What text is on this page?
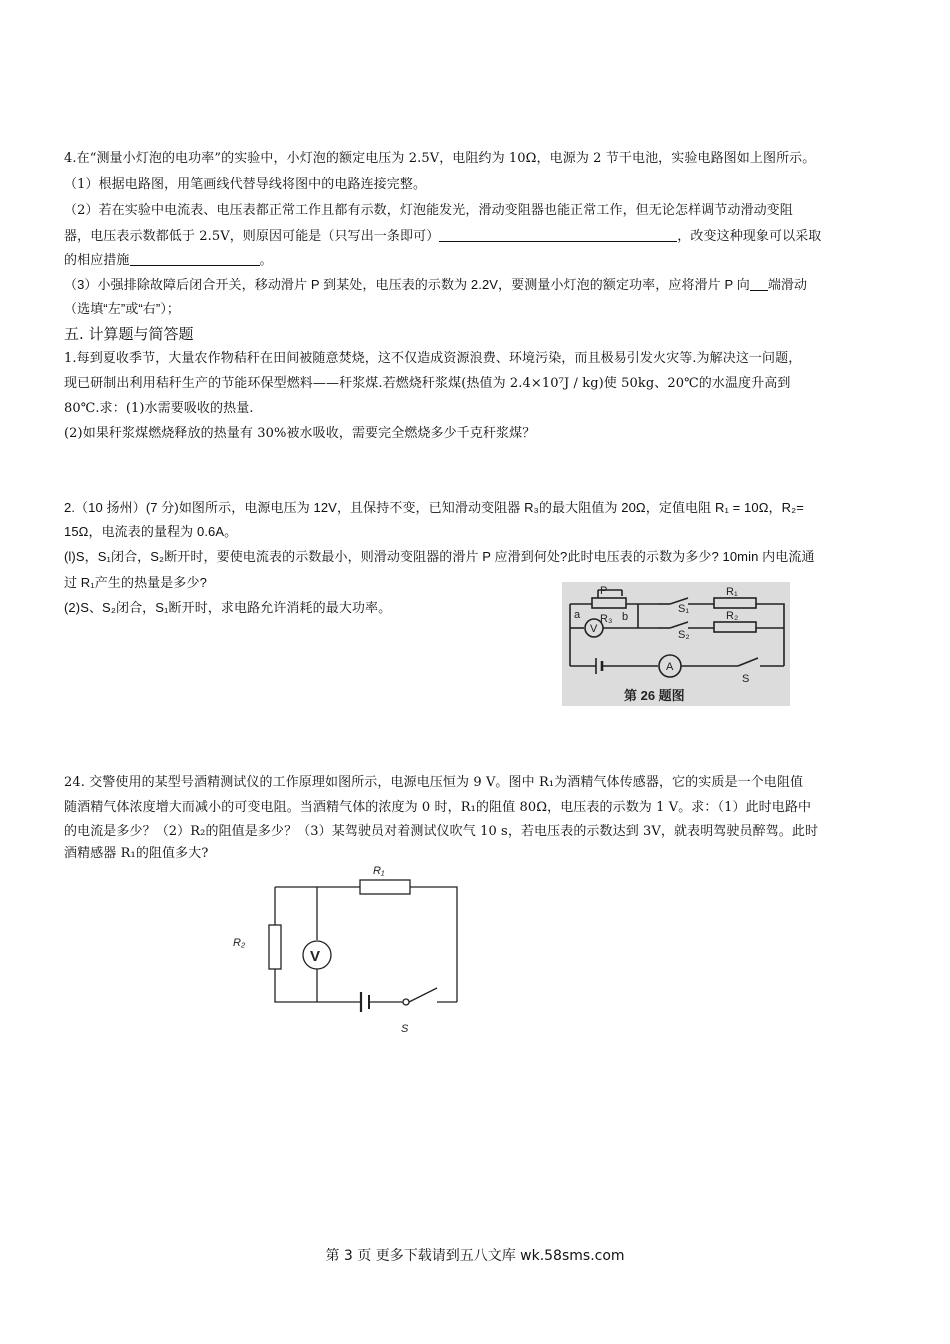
4.在“测量小灯泡的电功率”的实验中，小灯泡的额定电压为 2.5V，电阻约为 10Ω，电源为 2 节干电池，实验电路图如上图所示。
（1）根据电路图，用笔画线代替导线将图中的电路连接完整。
（2）若在实验中电流表、电压表都正常工作且都有示数，灯泡能发光，滑动变阻器也能正常工作，但无论怎样调节动滑动变阻
器，电压表示数都低于 2.5V，则原因可能是（只写出一条即可）	，改变这种现象可以采取
的相应措施	。
（3）小强排除故障后闭合开关，移动滑片 P 到某处，电压表的示数为 2.2V，要测量小灯泡的额定功率，应将滑片 P 向 端滑动
（选填“左”或“右”）；
五. 计算题与简答题
1.每到夏收季节，大量农作物秸秆在田间被随意焚烧，这不仅造成资源浪费、环境污染，而且极易引发火灾等.为解决这一问题，
现已研制出利用秸秆生产的节能环保型燃料——秆浆煤.若燃烧秆浆煤(热值为 2.4×10⁷J / kg)使 50kg、20℃的水温度升高到
80℃.求：(1)水需要吸收的热量.
(2)如果秆浆煤燃烧释放的热量有 30%被水吸收，需要完全燃烧多少千克秆浆煤？
2.（10 扬州）(7 分)如图所示，电源电压为 12V，且保持不变，已知滑动变阻器 R₃的最大阻值为 20Ω，定值电阻 R₁ = 10Ω，R₂=
15Ω，电流表的量程为 0.6A。
(l)S，S₁闭合，S₂断开时，要使电流表的示数最小，则滑动变阻器的滑片 P 应滑到何处?此时电压表的示数为多少? 10min 内电流通
过 R₁产生的热量是多少?
(2)S、S₂闭合，S₁断开时，求电路允许消耗的最大功率。
P
a R₃ b
S₁
R₁
V	S₂
R₂
A
S
第 26 题图
24. 交警使用的某型号酒精测试仪的工作原理如图所示，电源电压恒为 9 V。图中 R₁为酒精气体传感器，它的实质是一个电阻值
随酒精气体浓度增大而减小的可变电阻。当酒精气体的浓度为 0 时，R₁的阻值 80Ω，电压表的示数为 1 V。求：（1）此时电路中
的电流是多少？（2）R₂的阻值是多少？（3）某驾驶员对着测试仪吹气 10 s，若电压表的示数达到 3V，就表明驾驶员醉驾。此时
酒精感器 R₁的阻值多大?
R₁
R₂
S
V
第 3 页 更多下载请到五八文库 wk.58sms.com
